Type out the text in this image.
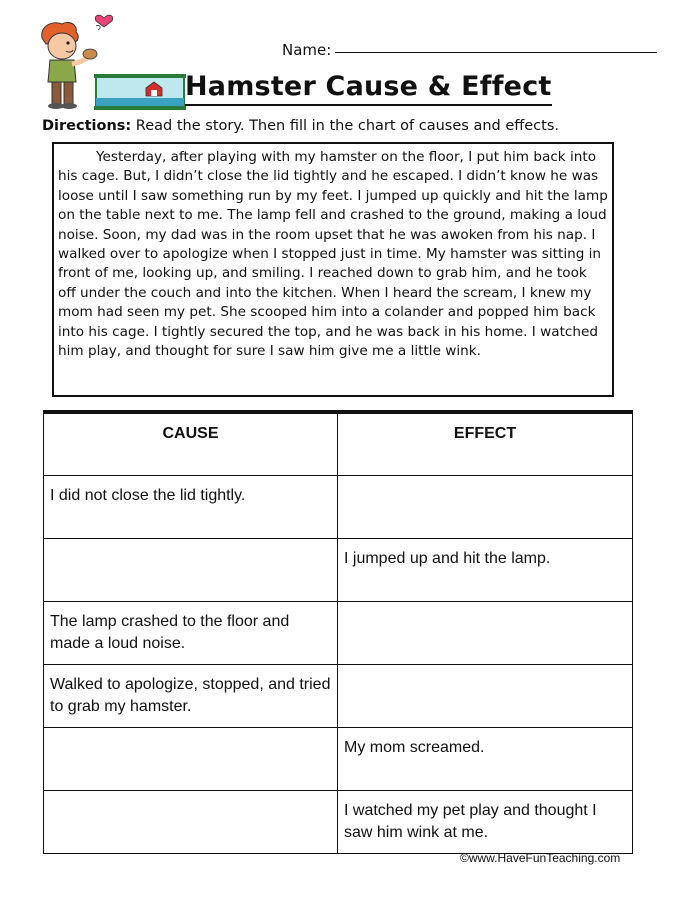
Name:
Hamster Cause & Effect
Directions: Read the story. Then fill in the chart of causes and effects.
Yesterday, after playing with my hamster on the floor, I put him back into his cage. But, I didn’t close the lid tightly and he escaped. I didn’t know he was loose until I saw something run by my feet. I jumped up quickly and hit the lamp on the table next to me. The lamp fell and crashed to the ground, making a loud noise. Soon, my dad was in the room upset that he was awoken from his nap. I walked over to apologize when I stopped just in time. My hamster was sitting in front of me, looking up, and smiling. I reached down to grab him, and he took off under the couch and into the kitchen. When I heard the scream, I knew my mom had seen my pet. She scooped him into a colander and popped him back into his cage. I tightly secured the top, and he was back in his home. I watched him play, and thought for sure I saw him give me a little wink.
CAUSE	EFFECT
I did not close the lid tightly.	
	I jumped up and hit the lamp.
The lamp crashed to the floor and made a loud noise.	
Walked to apologize, stopped, and tried to grab my hamster.	
	My mom screamed.
	I watched my pet play and thought I saw him wink at me.
©www.HaveFunTeaching.com
